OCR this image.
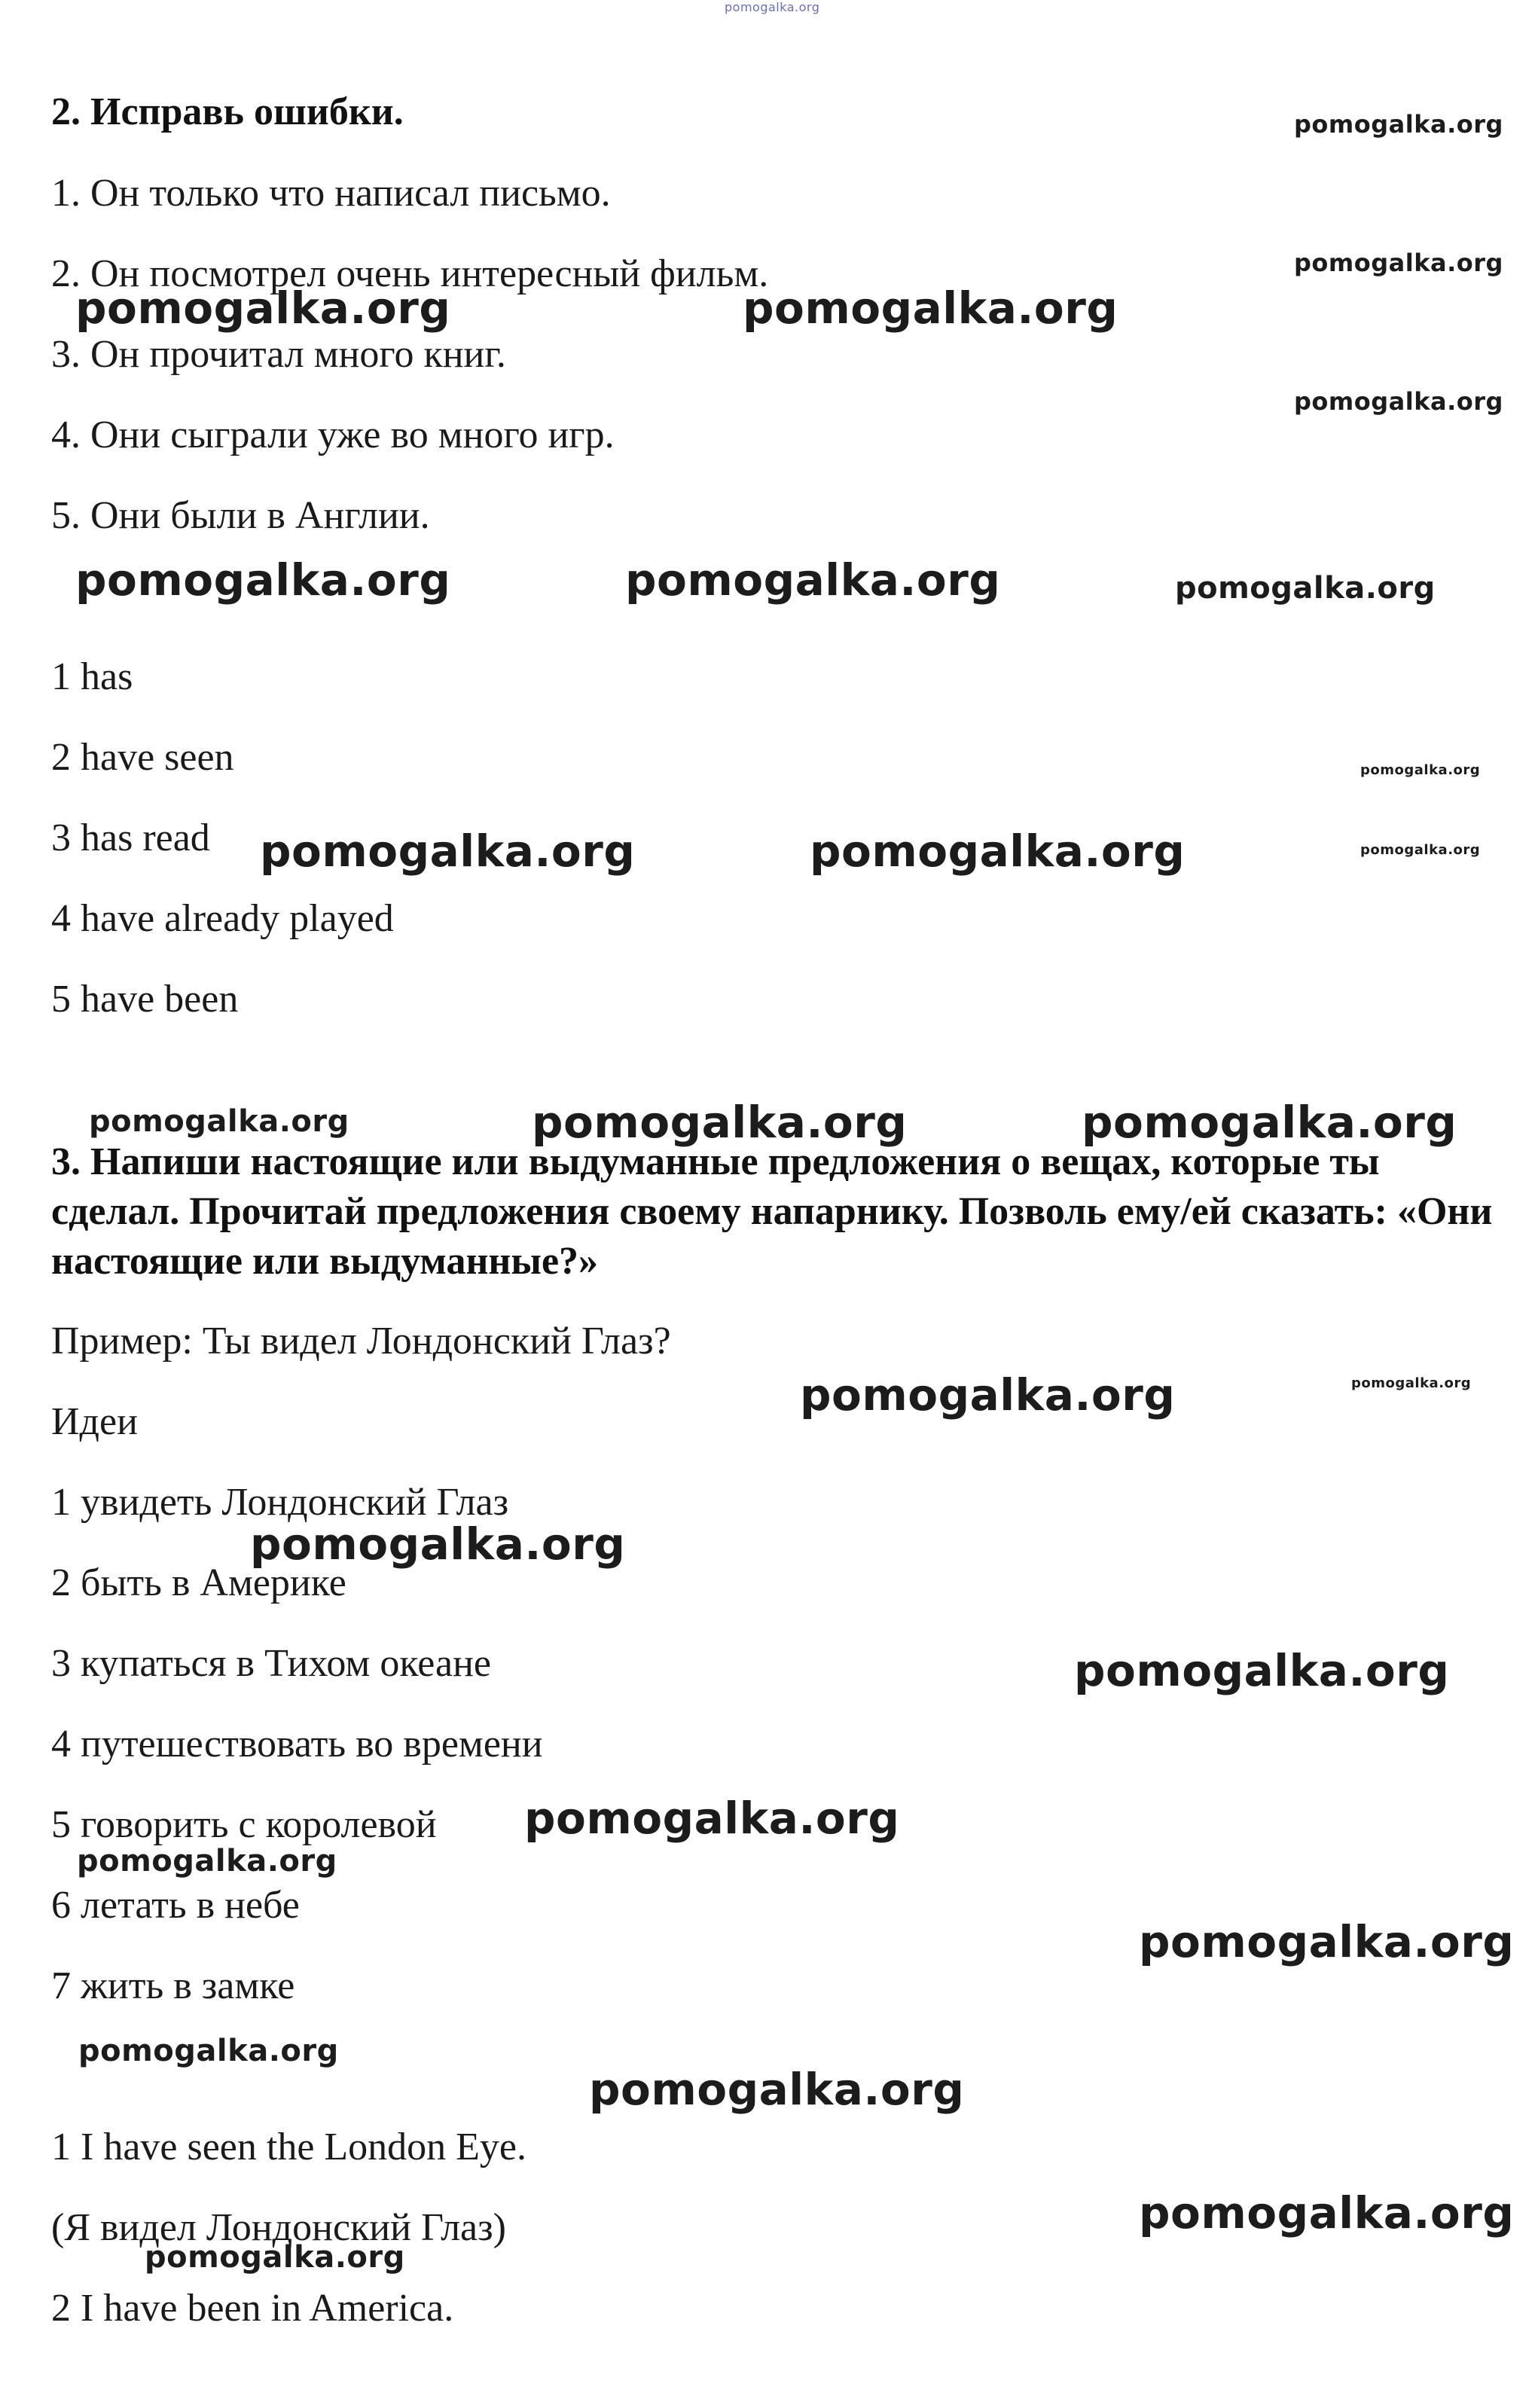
2. Исправь ошибки.
1. Он только что написал письмо.
2. Он посмотрел очень интересный фильм.
3. Он прочитал много книг.
4. Они сыграли уже во много игр.
5. Они были в Англии.
1 has
2 have seen
3 has read
4 have already played
5 have been
3. Напиши настоящие или выдуманные предложения о вещах, которые ты сделал. Прочитай предложения своему напарнику. Позволь ему/ей сказать: «Они настоящие или выдуманные?»
Пример: Ты видел Лондонский Глаз?
Идеи
1 увидеть Лондонский Глаз
2 быть в Америке
3 купаться в Тихом океане
4 путешествовать во времени
5 говорить с королевой
6 летать в небе
7 жить в замке
1 I have seen the London Eye.
(Я видел Лондонский Глаз)
2 I have been in America.
pomogalka.org
pomogalka.org
pomogalka.org
pomogalka.org	pomogalka.org
pomogalka.org
pomogalka.org	pomogalka.org	pomogalka.org
pomogalka.org
pomogalka.org	pomogalka.org	pomogalka.org
pomogalka.org	pomogalka.org	pomogalka.org
pomogalka.org	pomogalka.org
pomogalka.org
pomogalka.org
pomogalka.org
pomogalka.org
pomogalka.org
pomogalka.org
pomogalka.org
pomogalka.org
pomogalka.org
